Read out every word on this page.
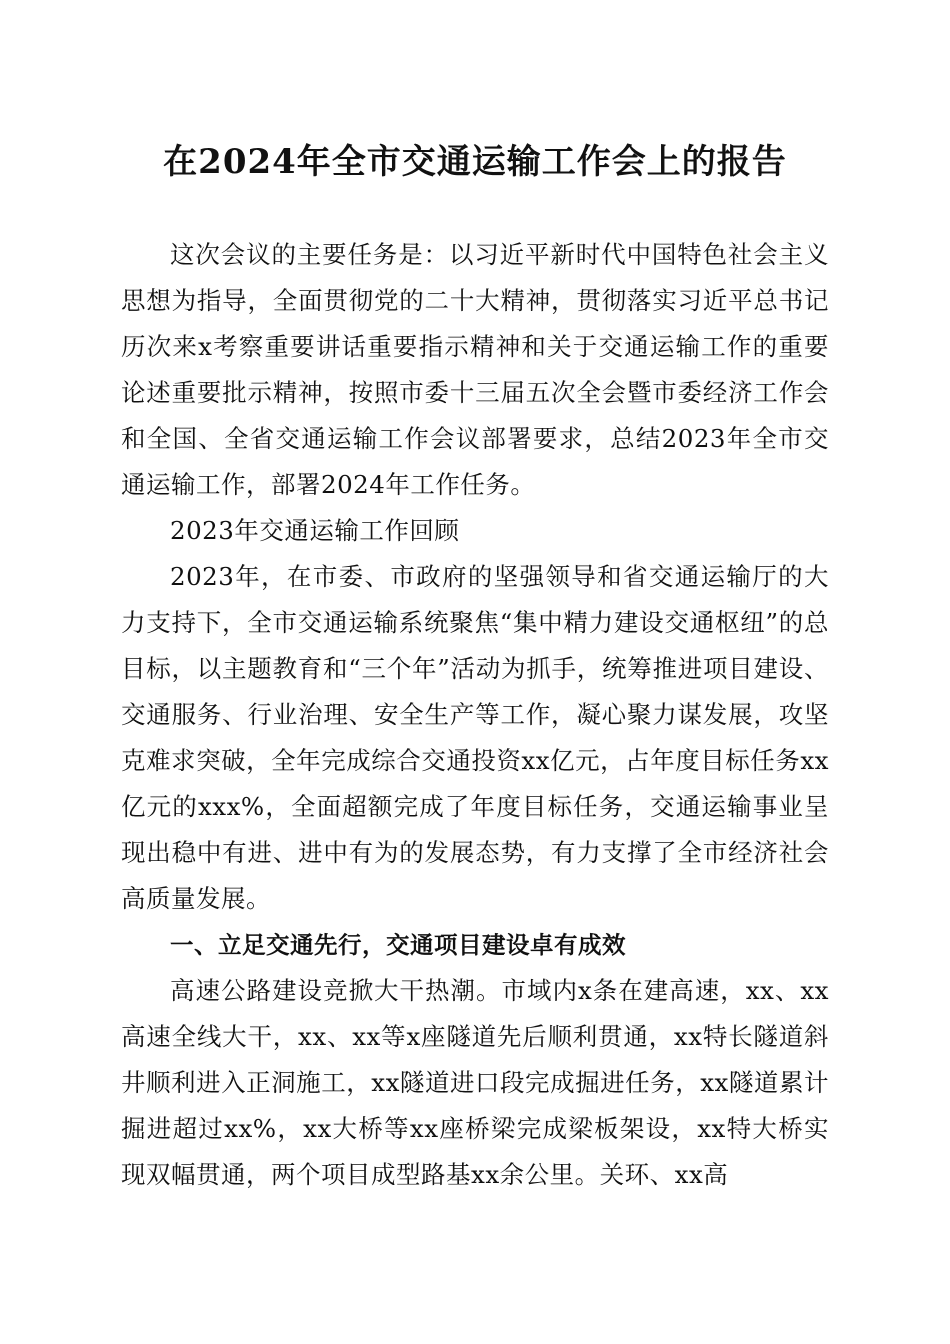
在2024年全市交通运输工作会上的报告

这次会议的主要任务是：以习近平新时代中国特色社会主义思想为指导，全面贯彻党的二十大精神，贯彻落实习近平总书记历次来x考察重要讲话重要指示精神和关于交通运输工作的重要论述重要批示精神，按照市委十三届五次全会暨市委经济工作会和全国、全省交通运输工作会议部署要求，总结2023年全市交通运输工作，部署2024年工作任务。

2023年交通运输工作回顾

2023年，在市委、市政府的坚强领导和省交通运输厅的大力支持下，全市交通运输系统聚焦“集中精力建设交通枢纽”的总目标，以主题教育和“三个年”活动为抓手，统筹推进项目建设、交通服务、行业治理、安全生产等工作，凝心聚力谋发展，攻坚克难求突破，全年完成综合交通投资xx亿元，占年度目标任务xx亿元的xxx%，全面超额完成了年度目标任务，交通运输事业呈现出稳中有进、进中有为的发展态势，有力支撑了全市经济社会高质量发展。

一、立足交通先行，交通项目建设卓有成效

高速公路建设竞掀大干热潮。市域内x条在建高速，xx、xx高速全线大干，xx、xx等x座隧道先后顺利贯通，xx特长隧道斜井顺利进入正洞施工，xx隧道进口段完成掘进任务，xx隧道累计掘进超过xx%，xx大桥等xx座桥梁完成梁板架设，xx特大桥实现双幅贯通，两个项目成型路基xx余公里。关环、xx高
